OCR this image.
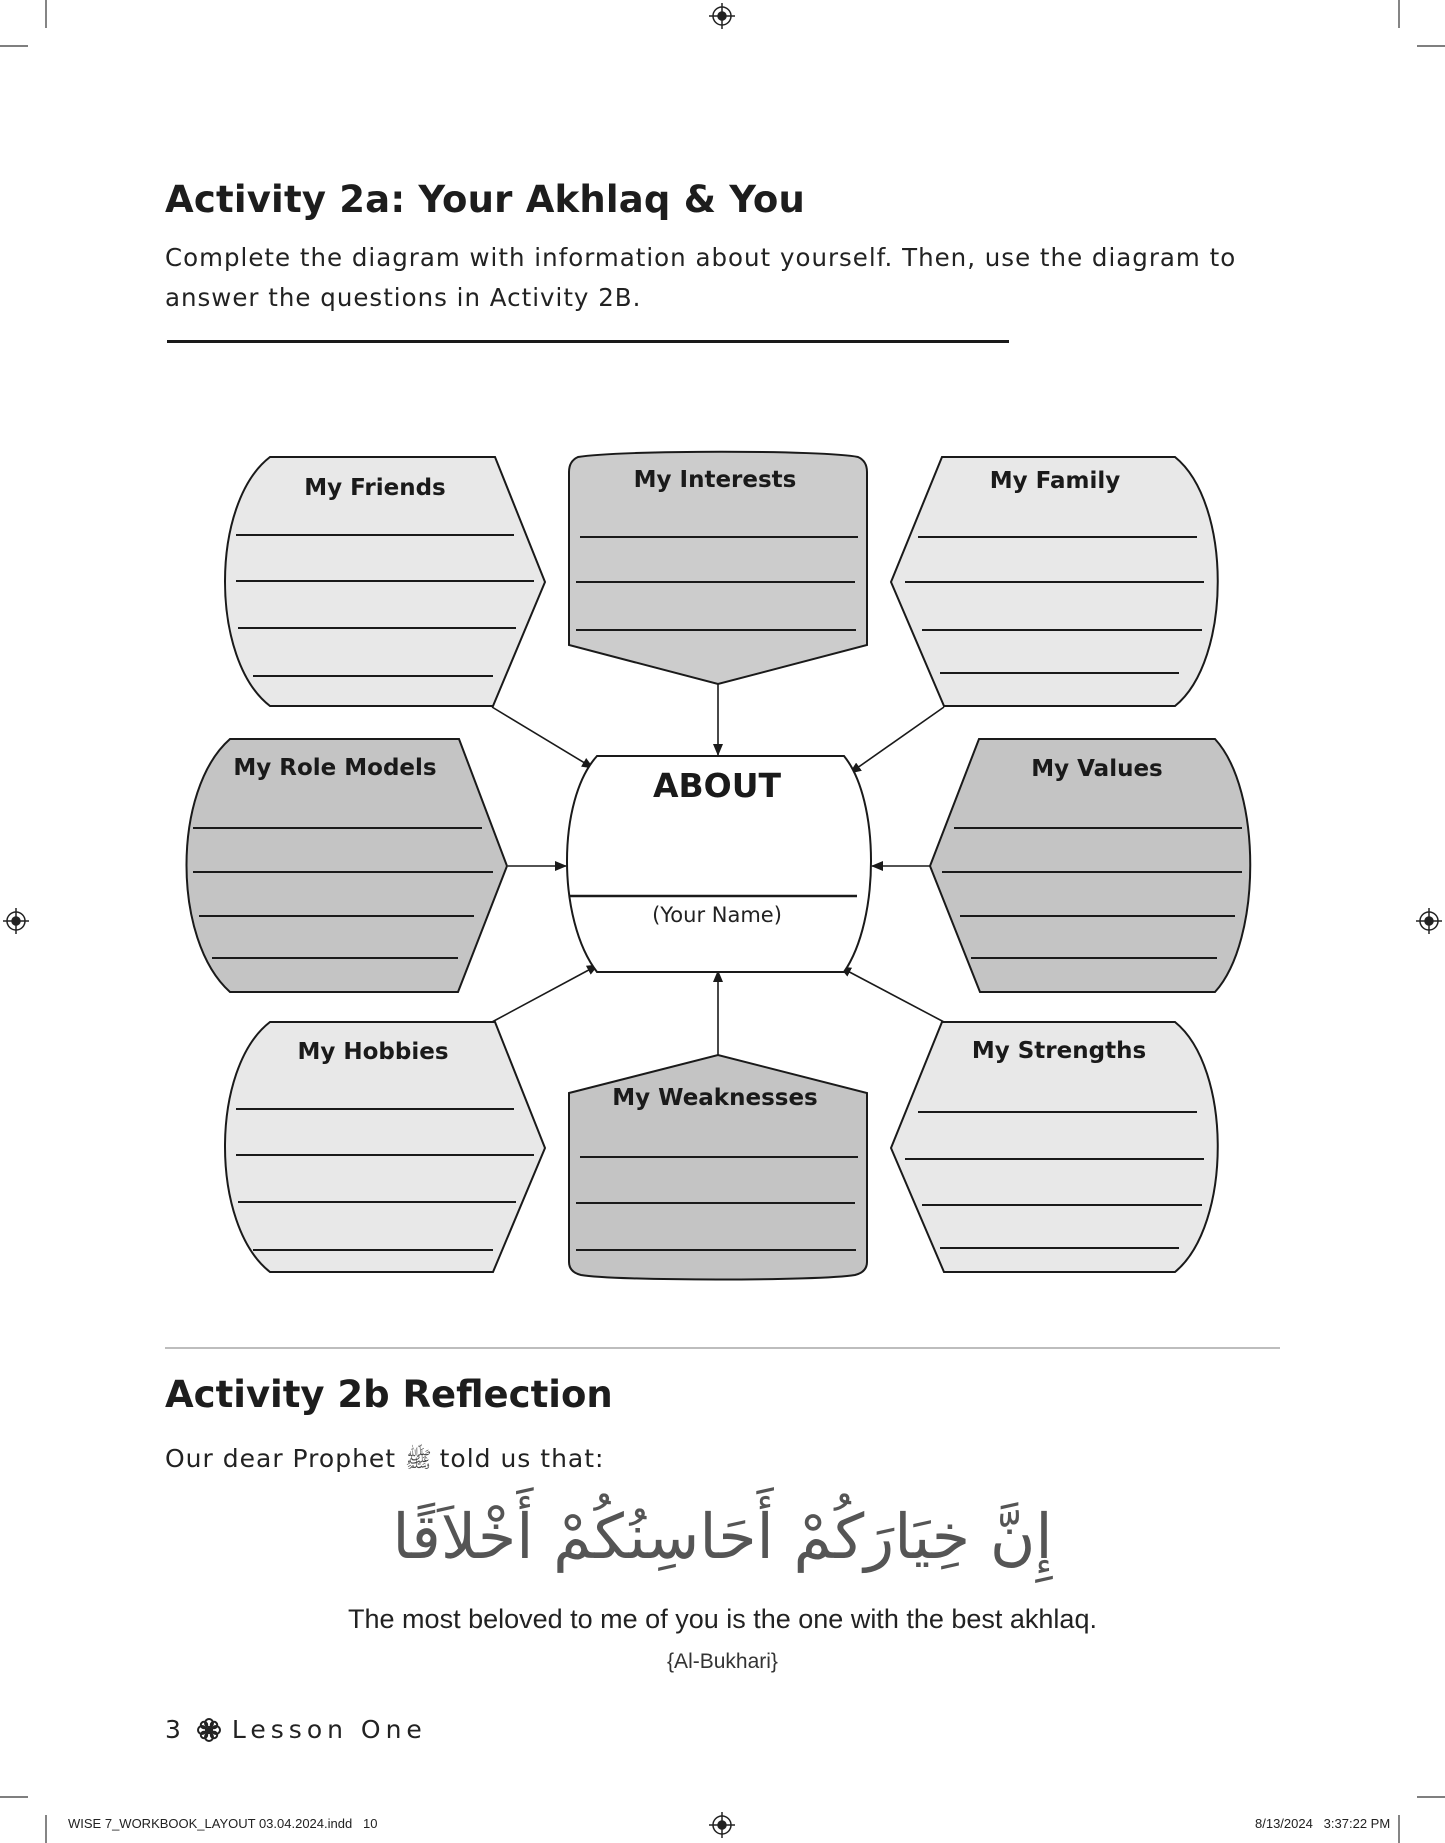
Activity 2a: Your Akhlaq & You

Complete the diagram with information about yourself. Then, use the diagram to answer the questions in Activity 2B.

My Friends	My Interests	My Family
My Role Models	ABOUT
(Your Name)
My Values
My Hobbies
My Weaknesses
My Strengths
Activity 2b Reflection
Our dear Prophet ﷺ told us that:
إِنَّ خِيَارَكُمْ أَحَاسِنُكُمْ أَخْلاَقًا
The most beloved to me of you is the one with the best akhlaq.
{Al-Bukhari}
3 Lesson One
WISE 7_WORKBOOK_LAYOUT 03.04.2024.indd   10	8/13/2024   3:37:22 PM
